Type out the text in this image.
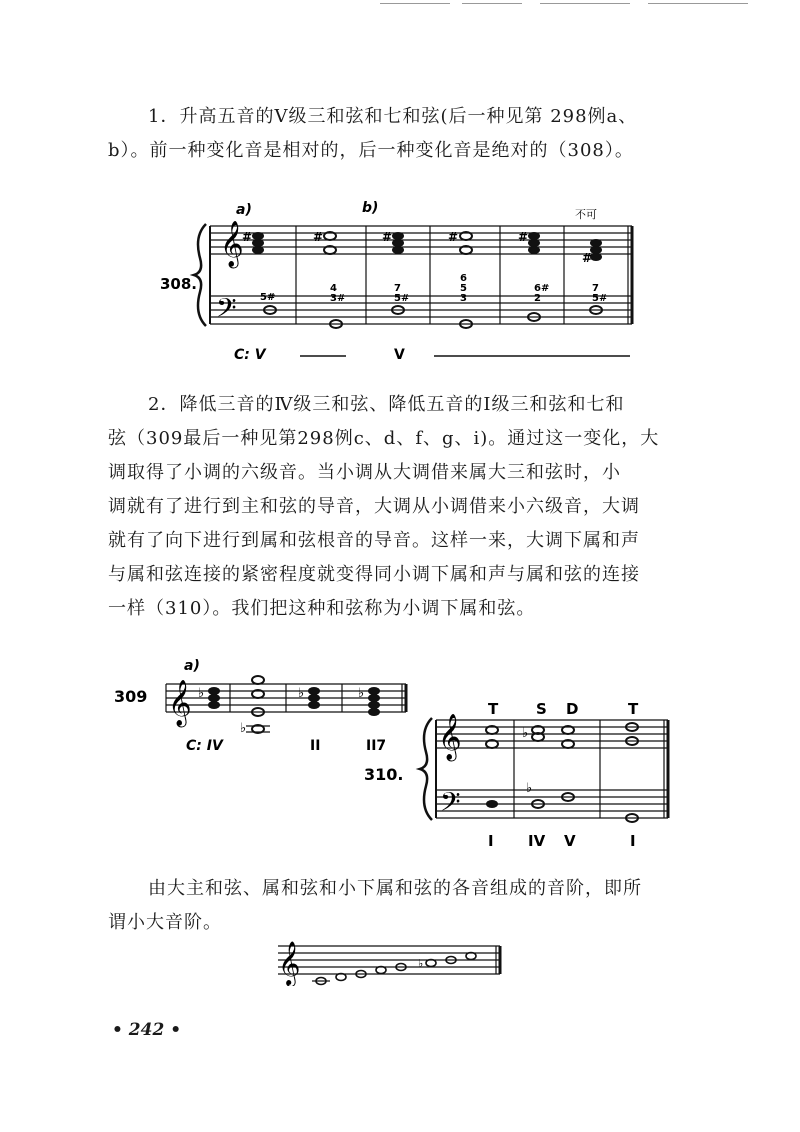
1．升高五音的Ⅴ级三和弦和七和弦(后一种见第 298例a、
b）。前一种变化音是相对的，后一种变化音是绝对的（308）。
𝄞
𝄢
308.
a)	b)	不可
#	#	#	#	#
#
5#
4
3#
7
5#
6
5
3
6#
2
7
5#
C: V	V
2．降低三音的Ⅳ级三和弦、降低五音的Ⅰ级三和弦和七和
弦（309最后一种见第298例c、d、f、g、i)。通过这一变化，大
调取得了小调的六级音。当小调从大调借来属大三和弦时，小
调就有了进行到主和弦的导音，大调从小调借来小六级音，大调
就有了向下进行到属和弦根音的导音。这样一来，大调下属和声
与属和弦连接的紧密程度就变得同小调下属和声与属和弦的连接
一样（310）。我们把这种和弦称为小调下属和弦。
309 𝄞
a)
♭
♭
♭	♭
C: IV	II	II7 𝄞
𝄢
310.
T	S D	T
♭
♭
I IV V	I
由大主和弦、属和弦和小下属和弦的各音组成的音阶，即所
谓小大音阶。
𝄞	♭
• 242 •
